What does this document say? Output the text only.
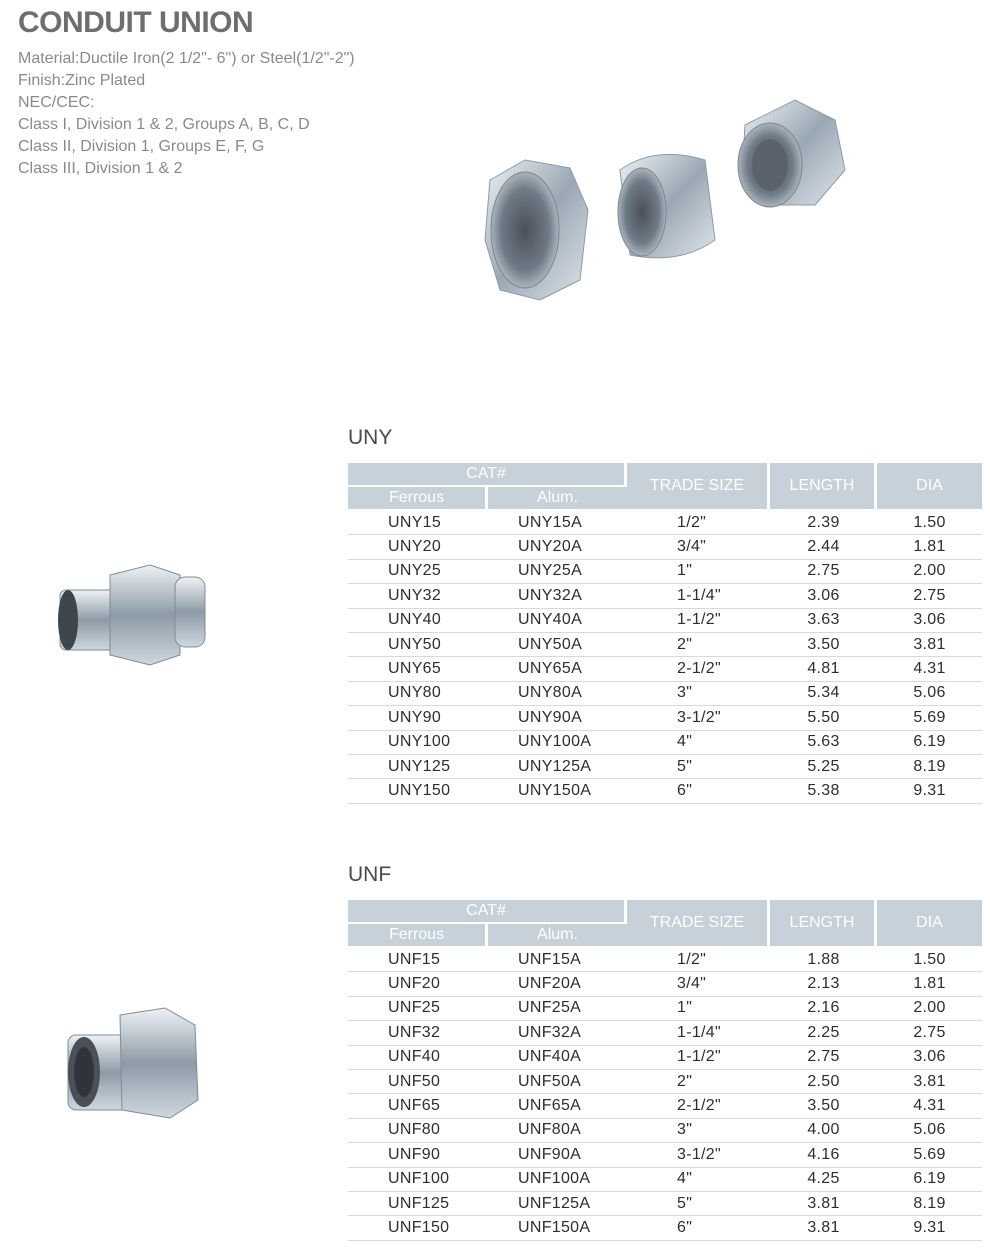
CONDUIT UNION
Material:Ductile Iron(2 1/2"- 6") or Steel(1/2"-2")
Finish:Zinc Plated
NEC/CEC:
Class I, Division 1 & 2, Groups A, B, C, D
Class II, Division 1, Groups E, F, G
Class III, Division 1 & 2
UNY
CAT#		TRADE SIZE	LENGTH	DIA
Ferrous	Alum.			
UNY15	UNY15A	1/2"	2.39	1.50
UNY20	UNY20A	3/4"	2.44	1.81
UNY25	UNY25A	1"	2.75	2.00
UNY32	UNY32A	1-1/4"	3.06	2.75
UNY40	UNY40A	1-1/2"	3.63	3.06
UNY50	UNY50A	2"	3.50	3.81
UNY65	UNY65A	2-1/2"	4.81	4.31
UNY80	UNY80A	3"	5.34	5.06
UNY90	UNY90A	3-1/2"	5.50	5.69
UNY100	UNY100A	4"	5.63	6.19
UNY125	UNY125A	5"	5.25	8.19
UNY150	UNY150A	6"	5.38	9.31
UNF
CAT#		TRADE SIZE	LENGTH	DIA
Ferrous	Alum.			
UNF15	UNF15A	1/2"	1.88	1.50
UNF20	UNF20A	3/4"	2.13	1.81
UNF25	UNF25A	1"	2.16	2.00
UNF32	UNF32A	1-1/4"	2.25	2.75
UNF40	UNF40A	1-1/2"	2.75	3.06
UNF50	UNF50A	2"	2.50	3.81
UNF65	UNF65A	2-1/2"	3.50	4.31
UNF80	UNF80A	3"	4.00	5.06
UNF90	UNF90A	3-1/2"	4.16	5.69
UNF100	UNF100A	4"	4.25	6.19
UNF125	UNF125A	5"	3.81	8.19
UNF150	UNF150A	6"	3.81	9.31
